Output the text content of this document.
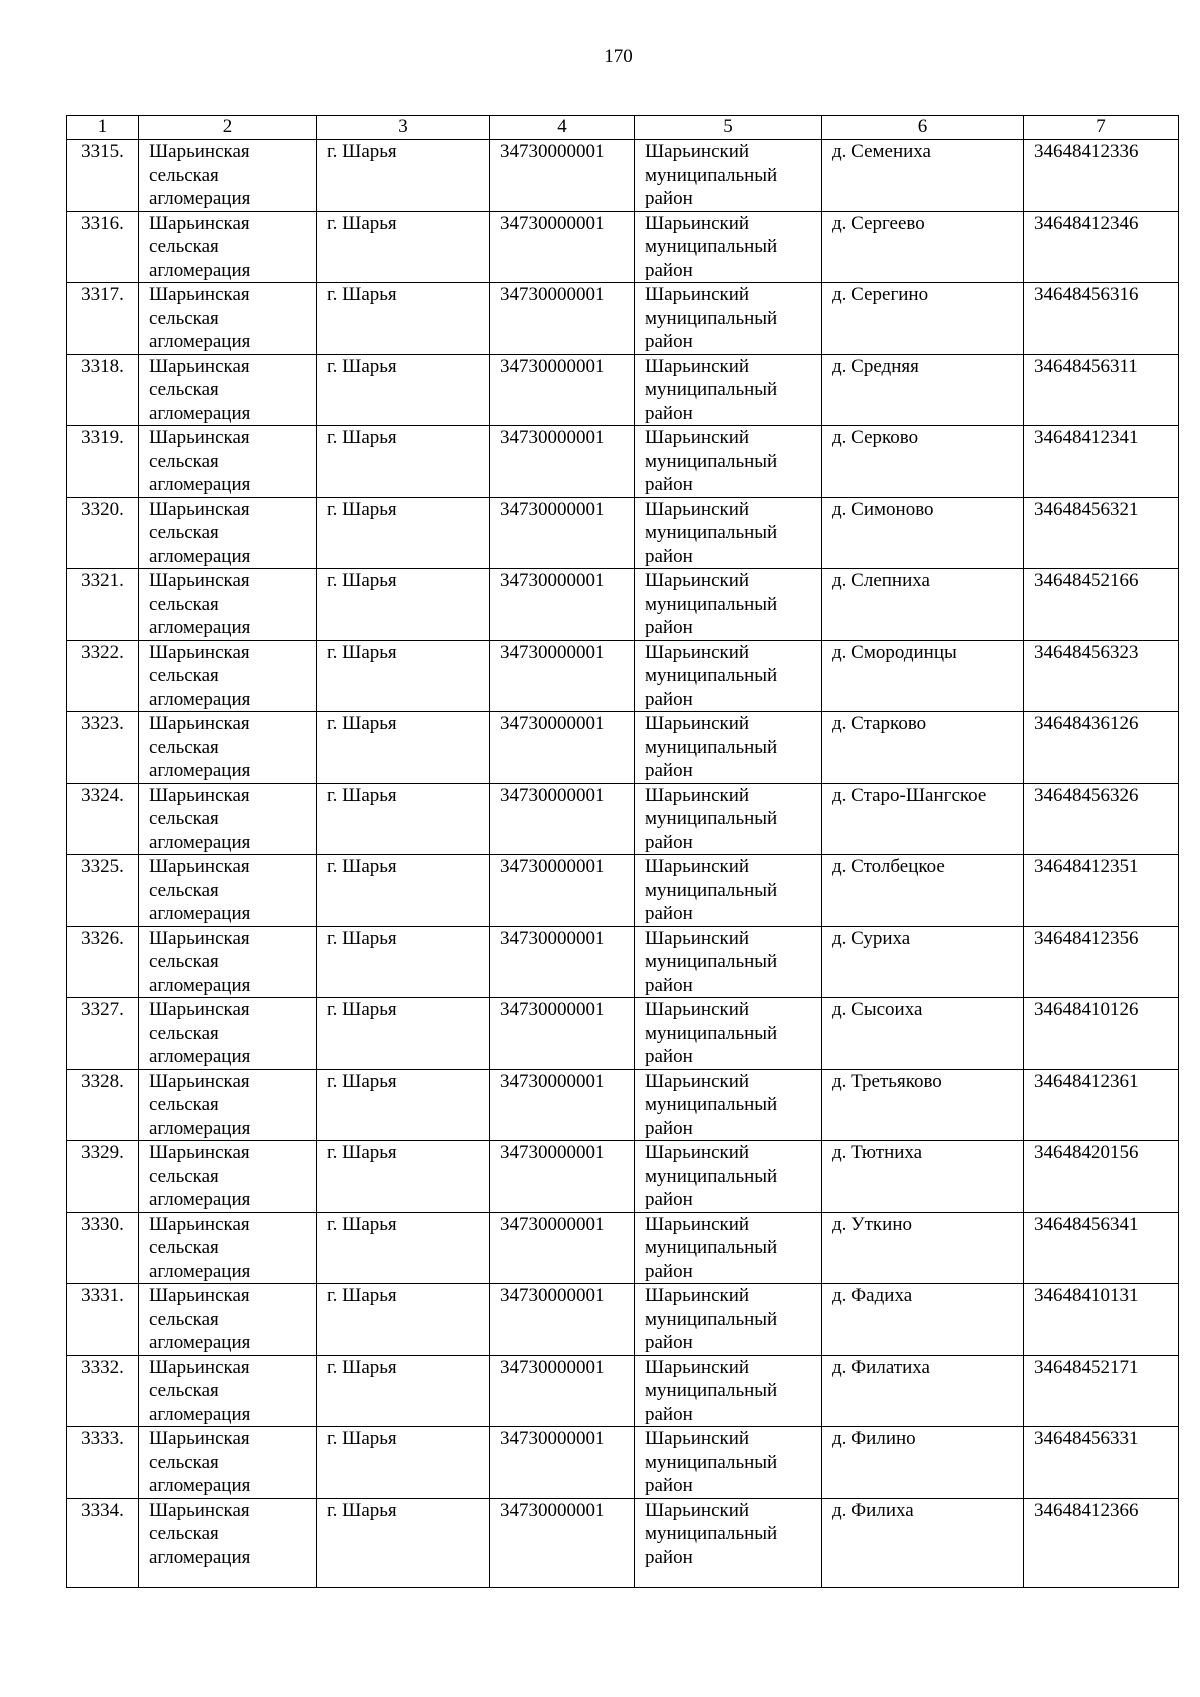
170
1	2	3	4	5	6	7
3315.	Шарьинская
сельская
агломерация	г. Шарья	34730000001	Шарьинский
муниципальный
район	д. Семениха	34648412336
3316.	Шарьинская
сельская
агломерация	г. Шарья	34730000001	Шарьинский
муниципальный
район	д. Сергеево	34648412346
3317.	Шарьинская
сельская
агломерация	г. Шарья	34730000001	Шарьинский
муниципальный
район	д. Серегино	34648456316
3318.	Шарьинская
сельская
агломерация	г. Шарья	34730000001	Шарьинский
муниципальный
район	д. Средняя	34648456311
3319.	Шарьинская
сельская
агломерация	г. Шарья	34730000001	Шарьинский
муниципальный
район	д. Серково	34648412341
3320.	Шарьинская
сельская
агломерация	г. Шарья	34730000001	Шарьинский
муниципальный
район	д. Симоново	34648456321
3321.	Шарьинская
сельская
агломерация	г. Шарья	34730000001	Шарьинский
муниципальный
район	д. Слепниха	34648452166
3322.	Шарьинская
сельская
агломерация	г. Шарья	34730000001	Шарьинский
муниципальный
район	д. Смородинцы	34648456323
3323.	Шарьинская
сельская
агломерация	г. Шарья	34730000001	Шарьинский
муниципальный
район	д. Старково	34648436126
3324.	Шарьинская
сельская
агломерация	г. Шарья	34730000001	Шарьинский
муниципальный
район	д. Старо-Шангское	34648456326
3325.	Шарьинская
сельская
агломерация	г. Шарья	34730000001	Шарьинский
муниципальный
район	д. Столбецкое	34648412351
3326.	Шарьинская
сельская
агломерация	г. Шарья	34730000001	Шарьинский
муниципальный
район	д. Суриха	34648412356
3327.	Шарьинская
сельская
агломерация	г. Шарья	34730000001	Шарьинский
муниципальный
район	д. Сысоиха	34648410126
3328.	Шарьинская
сельская
агломерация	г. Шарья	34730000001	Шарьинский
муниципальный
район	д. Третьяково	34648412361
3329.	Шарьинская
сельская
агломерация	г. Шарья	34730000001	Шарьинский
муниципальный
район	д. Тютниха	34648420156
3330.	Шарьинская
сельская
агломерация	г. Шарья	34730000001	Шарьинский
муниципальный
район	д. Уткино	34648456341
3331.	Шарьинская
сельская
агломерация	г. Шарья	34730000001	Шарьинский
муниципальный
район	д. Фадиха	34648410131
3332.	Шарьинская
сельская
агломерация	г. Шарья	34730000001	Шарьинский
муниципальный
район	д. Филатиха	34648452171
3333.	Шарьинская
сельская
агломерация	г. Шарья	34730000001	Шарьинский
муниципальный
район	д. Филино	34648456331
3334.	Шарьинская
сельская
агломерация	г. Шарья	34730000001	Шарьинский
муниципальный
район	д. Филиха	34648412366
